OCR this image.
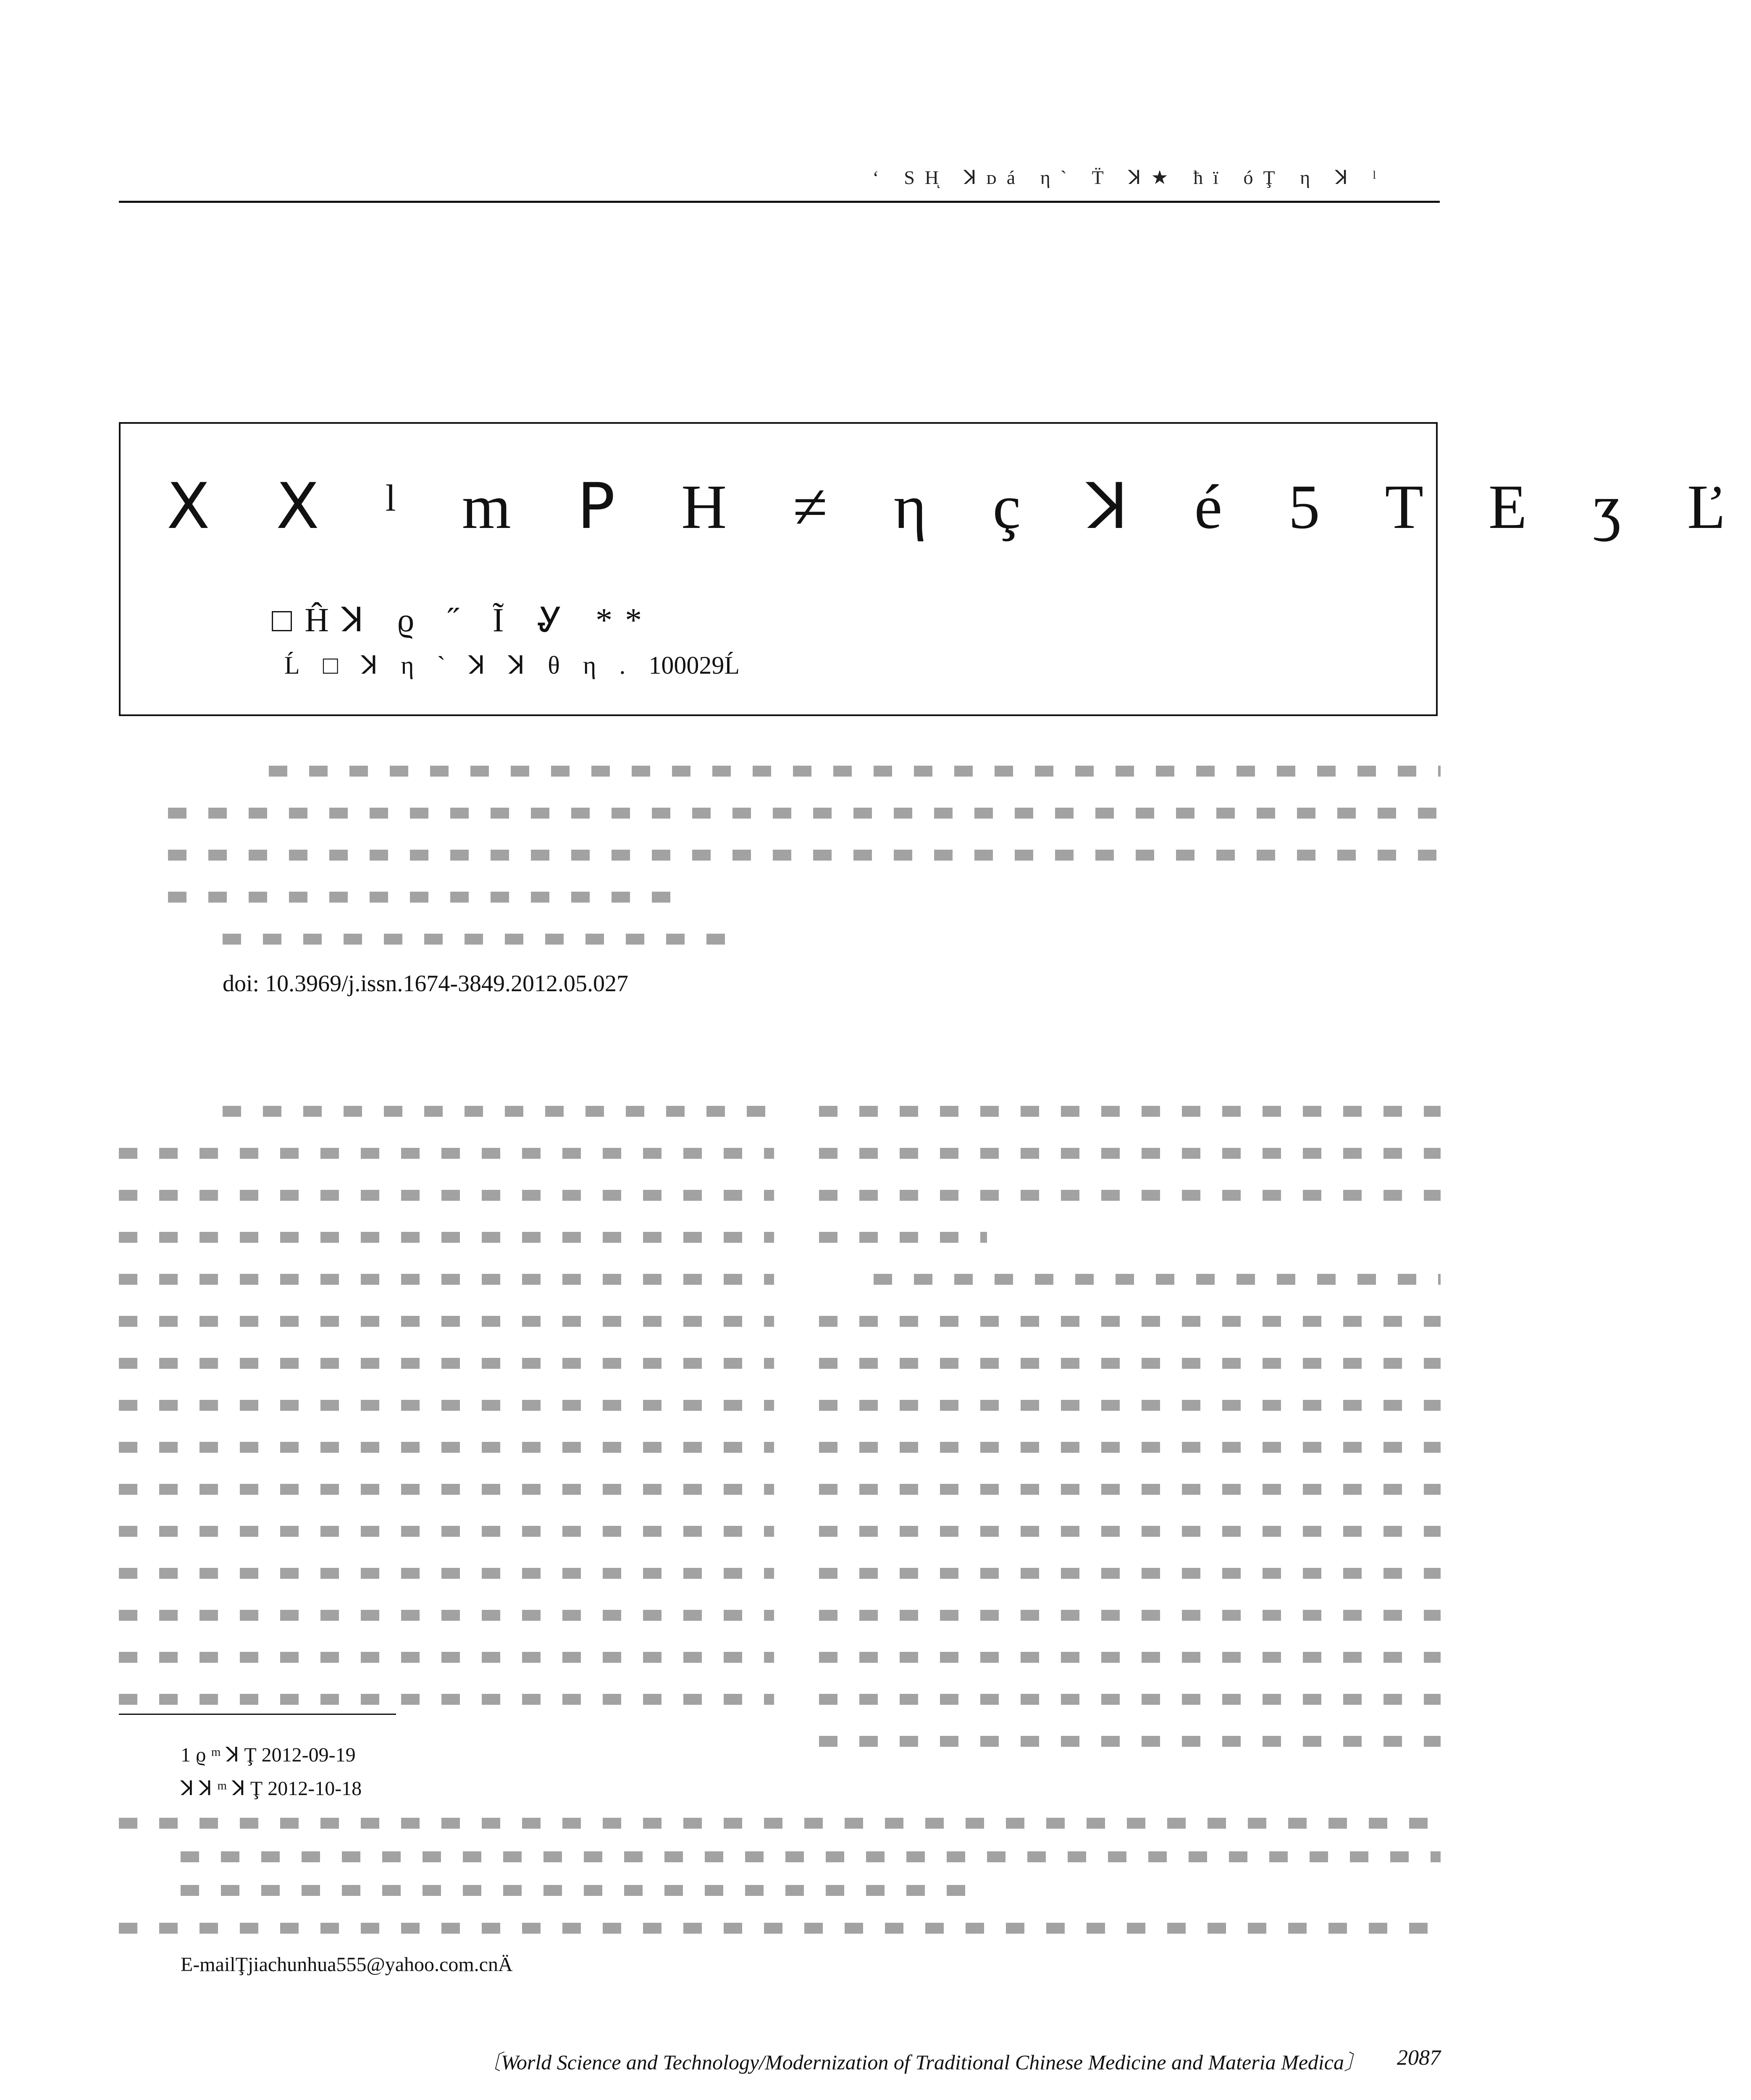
ʻ ЅHͅ ꓘᴅá η` T̈ ꓘ★ ħï óŢ η ꓘ ˡ
ꓫ ꓫ ˡ m ꓑ H ≠ η ç ꓘ é 5 T E ʒ Ľ
□Ĥꓘ ϱ ˝ Ĩ Ꮍ **
Ĺ □ ꓘ η ` ꓘ ꓘ θ η . 100029Ĺ
doi: 10.3969/j.issn.1674-3849.2012.05.027
1 ϱ ᵐ ꓘ Ţ 2012-09-19
ꓘ ꓘ ᵐ ꓘ Ţ 2012-10-18
E-mailŢjiachunhua555@yahoo.com.cnÄ
〔World Science and Technology/Modernization of Traditional Chinese Medicine and Materia Medica〕	2087
